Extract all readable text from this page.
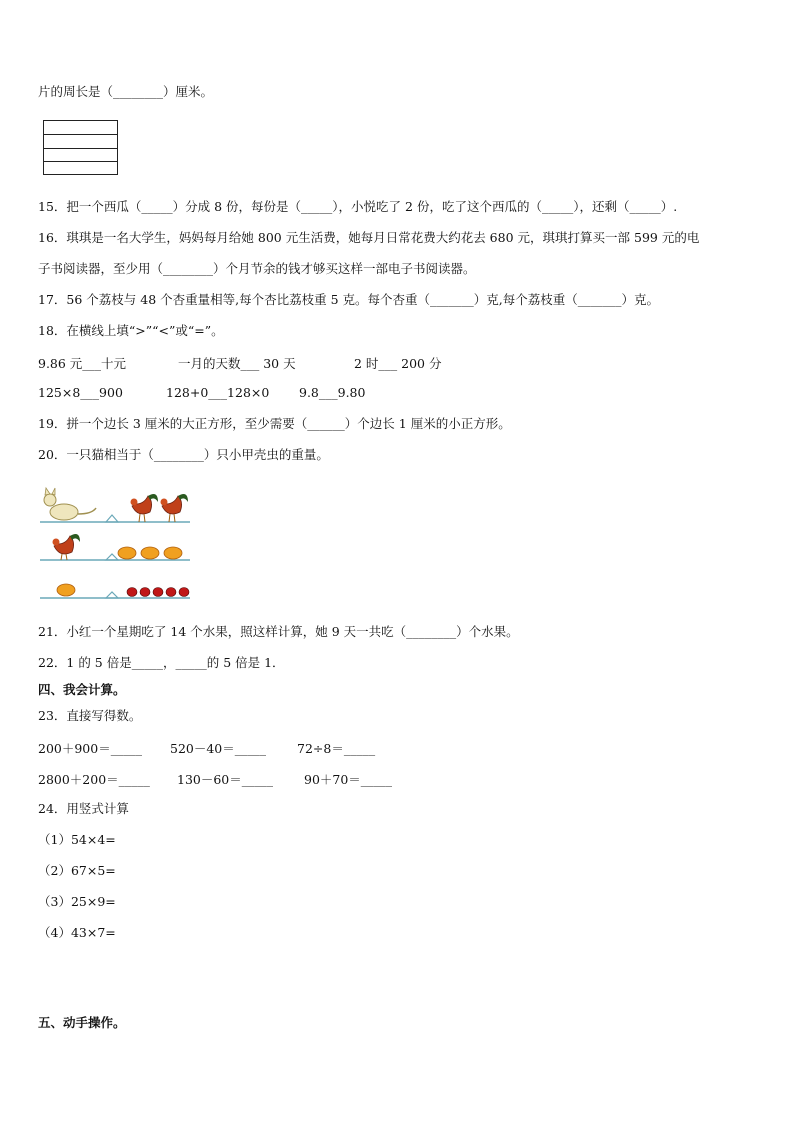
片的周长是（________）厘米。
15．把一个西瓜（_____）分成 8 份，每份是（_____），小悦吃了 2 份，吃了这个西瓜的（_____），还剩（_____）.
16．琪琪是一名大学生，妈妈每月给她 800 元生活费，她每月日常花费大约花去 680 元，琪琪打算买一部 599 元的电
子书阅读器，至少用（________）个月节余的钱才够买这样一部电子书阅读器。
17．56 个荔枝与 48 个杏重量相等,每个杏比荔枝重 5 克。每个杏重（_______）克,每个荔枝重（_______）克。
18．在横线上填“>”“<”或“=”。
9.86 元___十元	一月的天数___ 30 天	2 时___ 200 分
125×8___900	128+0___128×0 9.8___9.80
19．拼一个边长 3 厘米的大正方形，至少需要（______）个边长 1 厘米的小正方形。
20．一只猫相当于（________）只小甲壳虫的重量。
21．小红一个星期吃了 14 个水果，照这样计算，她 9 天一共吃（________）个水果。
22．1 的 5 倍是_____，_____的 5 倍是 1．
四、我会计算。
23．直接写得数。
200＋900＝_____ 520－40＝_____ 72÷8＝_____
2800＋200＝_____ 130－60＝_____ 90＋70＝_____
24．用竖式计算
（1）54×4=
（2）67×5=
（3）25×9=
（4）43×7=
五、动手操作。
